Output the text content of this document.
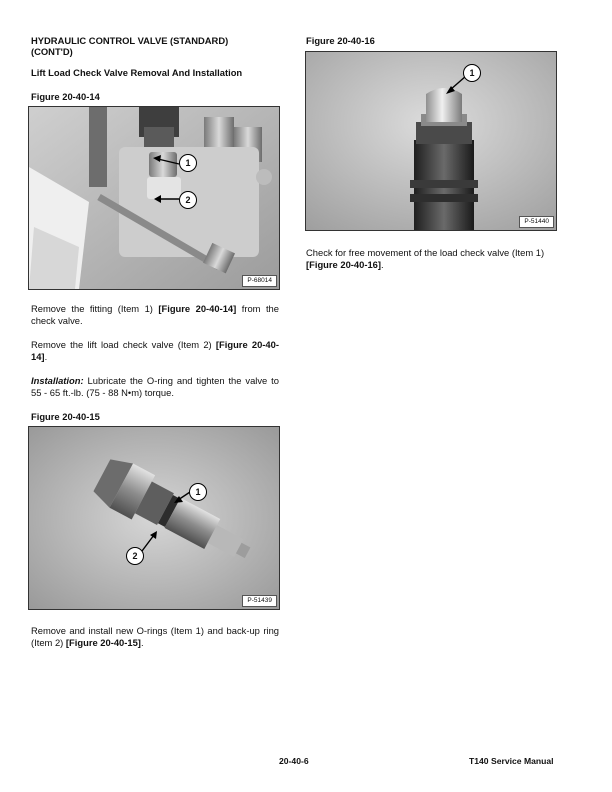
HYDRAULIC CONTROL VALVE (STANDARD)
(CONT'D)
Lift Load Check Valve Removal And Installation
Figure 20-40-14
1
2
P-68014
Remove the fitting (Item 1) [Figure 20-40-14] from the check valve.
Remove the lift load check valve (Item 2) [Figure 20-40-14].
Installation: Lubricate the O-ring and tighten the valve to 55 - 65 ft.-lb. (75 - 88 N•m) torque.
Figure 20-40-15
1
2
P-51439
Remove and install new O-rings (Item 1) and back-up ring (Item 2) [Figure 20-40-15].
Figure 20-40-16
1
P-51440
Check for free movement of the load check valve (Item 1) [Figure 20-40-16].
20-40-6	T140 Service Manual
